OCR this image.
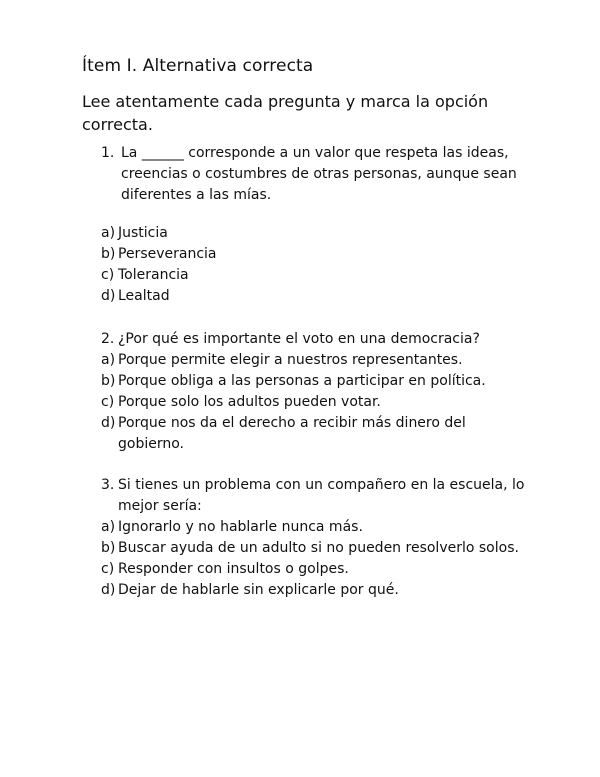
Ítem I. Alternativa correcta
Lee atentamente cada pregunta y marca la opción correcta.
1. La ______ corresponde a un valor que respeta las ideas, creencias o costumbres de otras personas, aunque sean diferentes a las mías.
a) Justicia
b) Perseverancia
c) Tolerancia
d) Lealtad
2. ¿Por qué es importante el voto en una democracia?
a) Porque permite elegir a nuestros representantes.
b) Porque obliga a las personas a participar en política.
c) Porque solo los adultos pueden votar.
d) Porque nos da el derecho a recibir más dinero del gobierno.
3. Si tienes un problema con un compañero en la escuela, lo mejor sería:
a) Ignorarlo y no hablarle nunca más.
b) Buscar ayuda de un adulto si no pueden resolverlo solos.
c) Responder con insultos o golpes.
d) Dejar de hablarle sin explicarle por qué.
